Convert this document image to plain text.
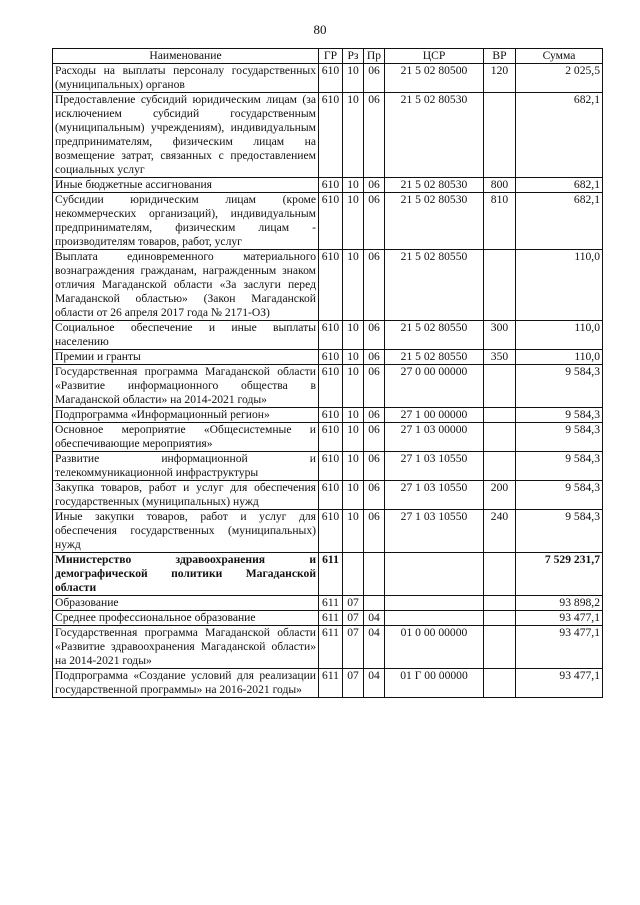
80
Наименование	ГР	Рз	Пр	ЦСР	ВР	Сумма
Расходы на выплаты персоналу государственных (муниципальных) органов	610	10	06	21 5 02 80500	120	2 025,5
Предоставление субсидий юридическим лицам (за исключением субсидий государственным (муниципальным) учреждениям), индивидуальным предпринимателям, физическим лицам на возмещение затрат, связанных с предоставлением социальных услуг	610	10	06	21 5 02 80530		682,1
Иные бюджетные ассигнования	610	10	06	21 5 02 80530	800	682,1
Субсидии юридическим лицам (кроме некоммерческих организаций), индивидуальным предпринимателям, физическим лицам - производителям товаров, работ, услуг	610	10	06	21 5 02 80530	810	682,1
Выплата единовременного материального вознаграждения гражданам, награжденным знаком отличия Магаданской области «За заслуги перед Магаданской областью» (Закон Магаданской области от 26 апреля 2017 года № 2171-ОЗ)	610	10	06	21 5 02 80550		110,0
Социальное обеспечение и иные выплаты населению	610	10	06	21 5 02 80550	300	110,0
Премии и гранты	610	10	06	21 5 02 80550	350	110,0
Государственная программа Магаданской области «Развитие информационного общества в Магаданской области» на 2014-2021 годы»	610	10	06	27 0 00 00000		9 584,3
Подпрограмма «Информационный регион»	610	10	06	27 1 00 00000		9 584,3
Основное мероприятие «Общесистемные и обеспечивающие мероприятия»	610	10	06	27 1 03 00000		9 584,3
Развитие информационной и телекоммуникационной инфраструктуры	610	10	06	27 1 03 10550		9 584,3
Закупка товаров, работ и услуг для обеспечения государственных (муниципальных) нужд	610	10	06	27 1 03 10550	200	9 584,3
Иные закупки товаров, работ и услуг для обеспечения государственных (муниципальных) нужд	610	10	06	27 1 03 10550	240	9 584,3
Министерство здравоохранения и демографической политики Магаданской области	611					7 529 231,7
Образование	611	07				93 898,2
Среднее профессиональное образование	611	07	04			93 477,1
Государственная программа Магаданской области «Развитие здравоохранения Магаданской области» на 2014-2021 годы»	611	07	04	01 0 00 00000		93 477,1
Подпрограмма «Создание условий для реализации государственной программы» на 2016-2021 годы»	611	07	04	01 Г 00 00000		93 477,1
